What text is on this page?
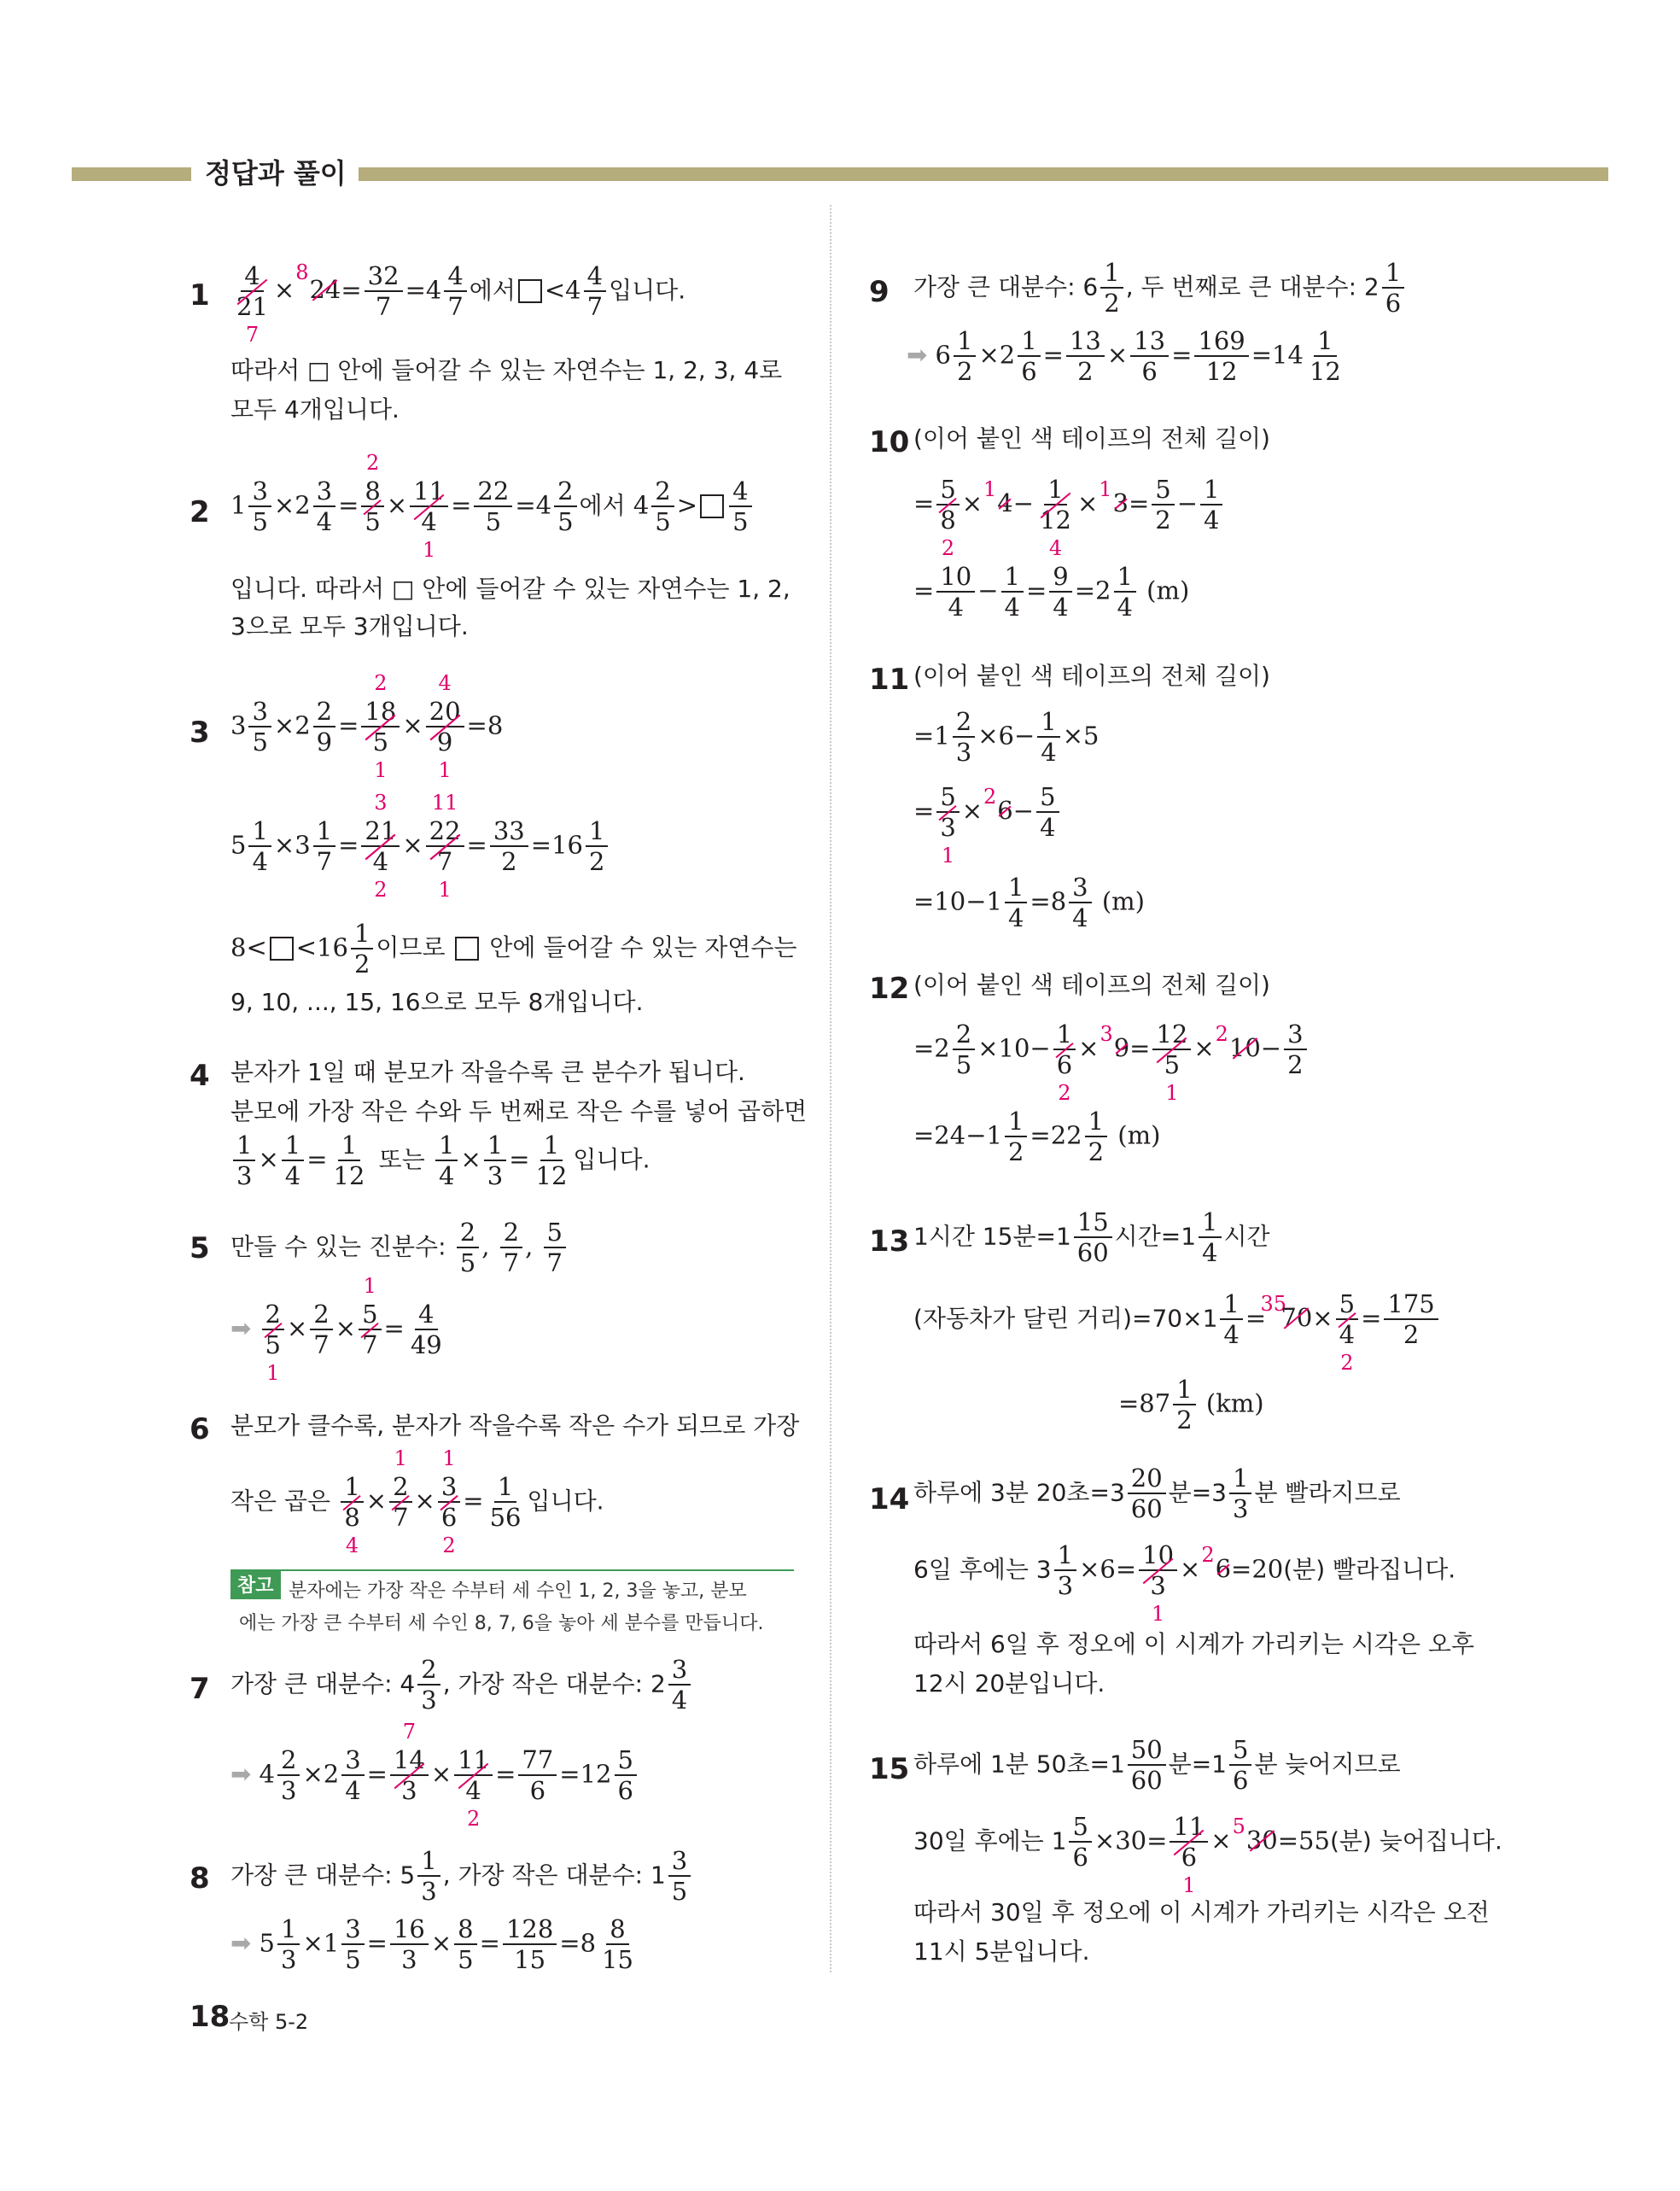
정답과 풀이
1 4
21
7 ×

8
$24= \frac{32}{7} =4 \frac{4}{7}$ 에서 $<4 \frac{4}{7}$ 입니다.
따라서 □ 안에 들어갈 수 있는 자연수는 1, 2, 3, 4로
모두 4개입니다.
2 $1 \frac{3}{5} \times 2 \frac{3}{4} = 8$
2
5 × 11
4
$1 = \frac{22}{5} =4 \frac{2}{5}$ 에서 $4 \frac{2}{5} > \frac{4}{5}$
입니다. 따라서 □ 안에 들어갈 수 있는 자연수는 1, 2,
3으로 모두 3개입니다.
3 $3 \frac{3}{5} \times 2 \frac{2}{9} = 18$
2
5
1 × 20
4
9
1 =8
$5 \frac{1}{4} \times 3 \frac{1}{7} = 21$
3
4
2 × 22
11
7
$1 = \frac{33}{2} =16 \frac{1}{2}$
$8< <16 \frac{1}{2}$ 이므로  안에 들어갈 수 있는 자연수는
9, 10, ..., 15, 16으로 모두 8개입니다.
4 분자가 1일 때 분모가 작을수록 큰 분수가 됩니다.
분모에 가장 작은 수와 두 번째로 작은 수를 넣어 곱하면
$\frac{1}{3} \times \frac{1}{4} = \frac{1}{12}$ 또는 $\frac{1}{4} \times \frac{1}{3} = \frac{1}{12}$ 입니다.
5 만들 수 있는 진분수: $\frac{2}{5}$ , $\frac{2}{7}$ , $\frac{5}{7}$
➡ 2
5
$1 \times \frac{2}{7} \times 5$
1
$7 = \frac{4}{49}$
6 분모가 클수록, 분자가 작을수록 작은 수가 되므로 가장
작은 곱은 1
8
4 × 2
1
7 × 3
1
6
$2 = \frac{1}{56}$ 입니다.
참고 분자에는 가장 작은 수부터 세 수인 1, 2, 3을 놓고, 분모
에는 가장 큰 수부터 세 수인 8, 7, 6을 놓아 세 분수를 만듭니다.
7 가장 큰 대분수: $4 \frac{2}{3}$ , 가장 작은 대분수: $2 \frac{3}{4}$
➡ $4 \frac{2}{3} \times 2 \frac{3}{4} = 14$
7
3 × 11
4
$2 = \frac{77}{6} =12 \frac{5}{6}$
8 가장 큰 대분수: $5 \frac{1}{3}$ , 가장 작은 대분수: $1 \frac{3}{5}$
➡ $5 \frac{1}{3} \times 1 \frac{3}{5} = \frac{16}{3} \times \frac{8}{5} = \frac{128}{15} =8 \frac{8}{15}$
9 가장 큰 대분수: $6 \frac{1}{2}$ , 두 번째로 큰 대분수: $2 \frac{1}{6}$
➡ $6 \frac{1}{2} \times 2 \frac{1}{6} = \frac{13}{2} \times \frac{13}{6} = \frac{169}{12} =14 \frac{1}{12}$
10 (이어 붙인 색 테이프의 전체 길이)
= 5
8
2 ×
1 4− 1
12
4 ×
1 $3= \frac{5}{2} - \frac{1}{4}$
= $\frac{10}{4} - \frac{1}{4} = \frac{9}{4} =2 \frac{1}{4} (m)$
11 (이어 붙인 색 테이프의 전체 길이)
$=1 \frac{2}{3} \times 6- \frac{1}{4} \times 5$
= 5
3
1 ×
2 $6- \frac{5}{4}$
$=10-1 \frac{1}{4} =8 \frac{3}{4} (m)$
12 (이어 붙인 색 테이프의 전체 길이)
$=2 \frac{2}{5} \times 10- 1$
6
2 ×
3 9= 12
5
1 ×
2 $10- \frac{3}{2}$
$=24-1 \frac{1}{2} =22 \frac{1}{2} (m)$
13 1시간 15분$=1 \frac{15}{60}$ 시간$=1 \frac{1}{4}$ 시간
(자동차가 달린 거리)$=70\times 1 \frac{1}{4}$ =

35
70× 5
4
$2 = \frac{175}{2}$
$=87 \frac{1}{2} (km)$
14 하루에 3분 20초$=3 \frac{20}{60}$ 분$=3 \frac{1}{3}$ 분 빨라지므로
6일 후에는 $3 \frac{1}{3} \times 6= 10$
3
1 ×
2 6=20(분) 빨라집니다.
따라서 6일 후 정오에 이 시계가 가리키는 시각은 오후
12시 20분입니다.
15 하루에 1분 50초$=1 \frac{50}{60}$ 분$=1 \frac{5}{6}$ 분 늦어지므로
30일 후에는 $1 \frac{5}{6} \times 30= 11$
6
1 ×
5 30=55(분) 늦어집니다.
따라서 30일 후 정오에 이 시계가 가리키는 시각은 오전
11시 5분입니다.
18
수학 5-2
